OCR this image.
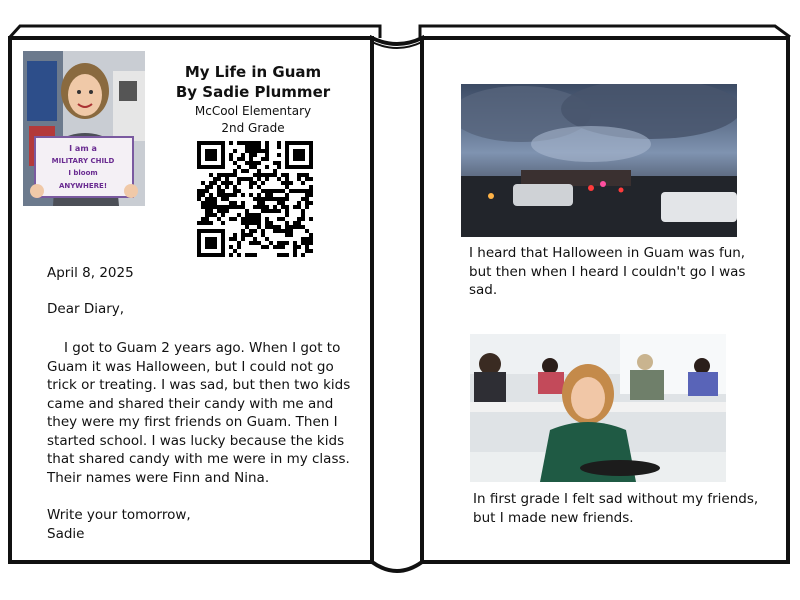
I am a
MILITARY CHILD
I bloom
ANYWHERE!
My Life in Guam
By Sadie Plummer
McCool Elementary
2nd Grade

April 8, 2025

Dear Diary,

I got to Guam 2 years ago. When I got to Guam it was Halloween, but I could not go trick or treating. I was sad, but then two kids came and shared their candy with me and they were my first friends on Guam. Then I started school. I was lucky because the kids that shared candy with me were in my class. Their names were Finn and Nina.

Write your tomorrow,

Sadie

I heard that Halloween in Guam was fun, but then when I heard I couldn't go I was sad.
In first grade I felt sad without my friends, but I made new friends.
